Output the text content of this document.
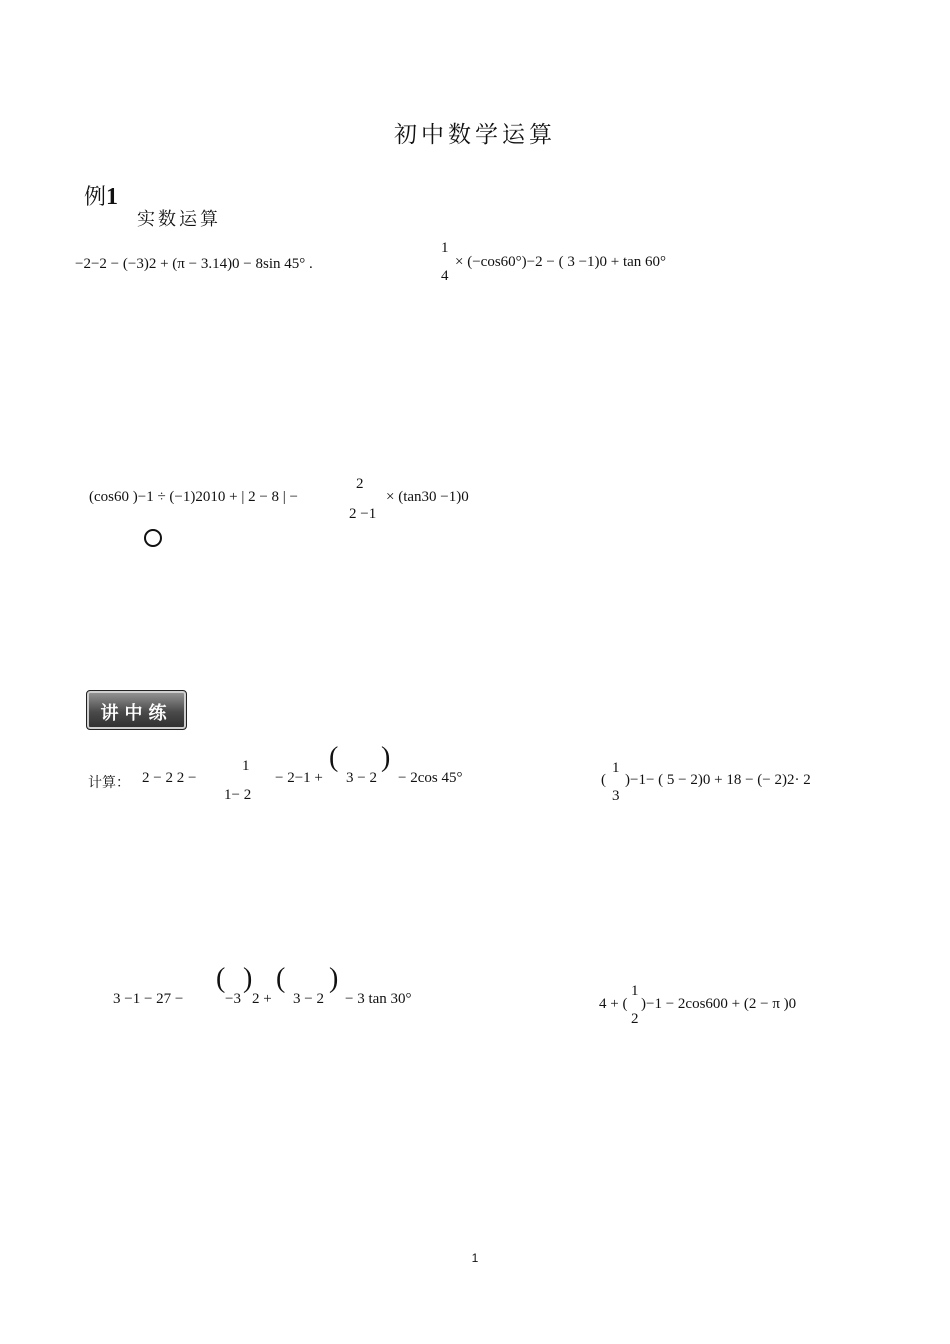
初中数学运算
例1
实数运算
−2−2 − (−3)2 + (π − 3.14)0 − 8sin 45° .
1
4
× (−cos60°)−2 − ( 3 −1)0 + tan 60°
(cos60 )−1 ÷ (−1)2010 + | 2 − 8 | −
2
2 −1
× (tan30 −1)0
讲中练
计算： 2 − 2 2 −
1
1− 2
− 2−1 +
(
3 − 2
)
− 2cos 45°	(
1
3
)−1− ( 5 − 2)0 + 18 − (− 2)2· 2
3 −1 − 27 −
(
−3
)
2 +
(
3 − 2
)
− 3 tan 30°	4 + (
1
2
)−1 − 2cos600 + (2 − π )0
1
